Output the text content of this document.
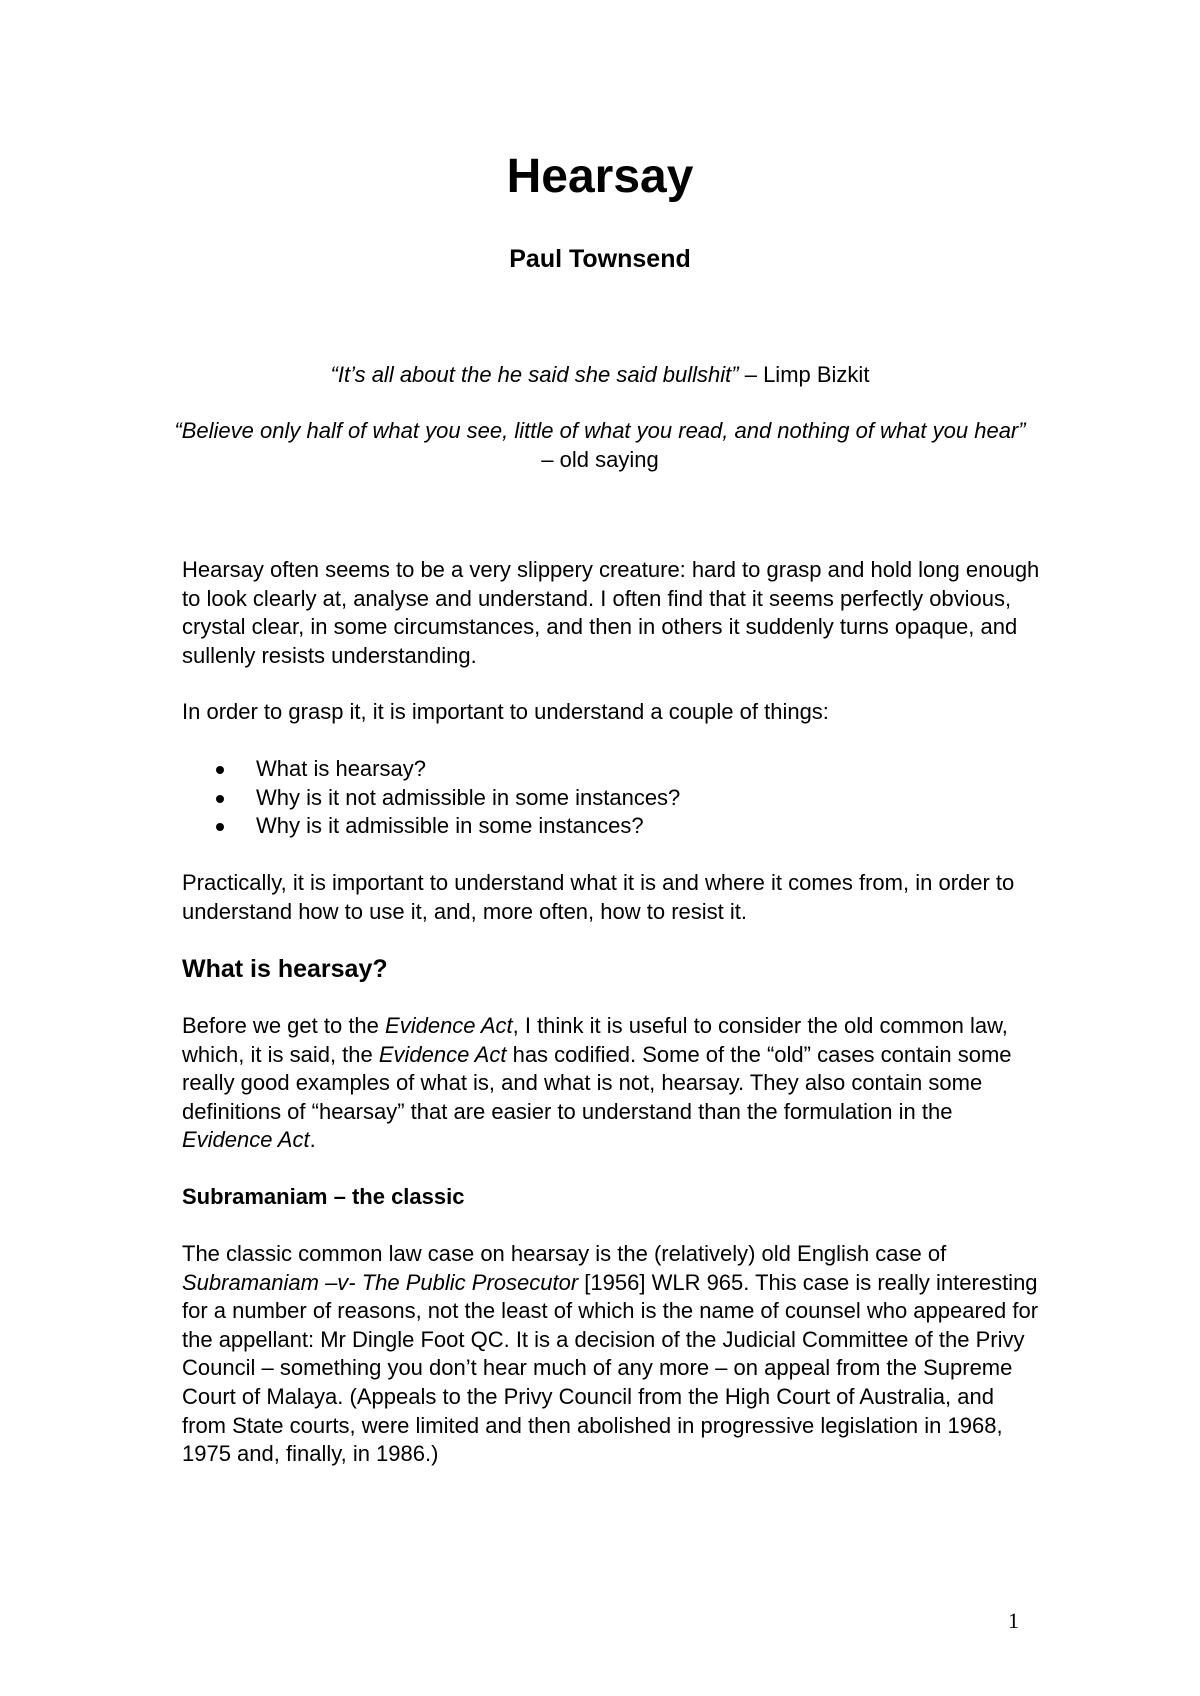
Hearsay
Paul Townsend

“It’s all about the he said she said bullshit” – Limp Bizkit

“Believe only half of what you see, little of what you read, and nothing of what you hear” – old saying

Hearsay often seems to be a very slippery creature: hard to grasp and hold long enough to look clearly at, analyse and understand. I often find that it seems perfectly obvious, crystal clear, in some circumstances, and then in others it suddenly turns opaque, and sullenly resists understanding.

In order to grasp it, it is important to understand a couple of things:

What is hearsay?
Why is it not admissible in some instances?
Why is it admissible in some instances?

Practically, it is important to understand what it is and where it comes from, in order to understand how to use it, and, more often, how to resist it.

What is hearsay?

Before we get to the Evidence Act, I think it is useful to consider the old common law, which, it is said, the Evidence Act has codified. Some of the “old” cases contain some really good examples of what is, and what is not, hearsay. They also contain some definitions of “hearsay” that are easier to understand than the formulation in the Evidence Act.

Subramaniam – the classic

The classic common law case on hearsay is the (relatively) old English case of Subramaniam –v- The Public Prosecutor [1956] WLR 965. This case is really interesting for a number of reasons, not the least of which is the name of counsel who appeared for the appellant: Mr Dingle Foot QC. It is a decision of the Judicial Committee of the Privy Council – something you don’t hear much of any more – on appeal from the Supreme Court of Malaya. (Appeals to the Privy Council from the High Court of Australia, and from State courts, were limited and then abolished in progressive legislation in 1968, 1975 and, finally, in 1986.)

1
